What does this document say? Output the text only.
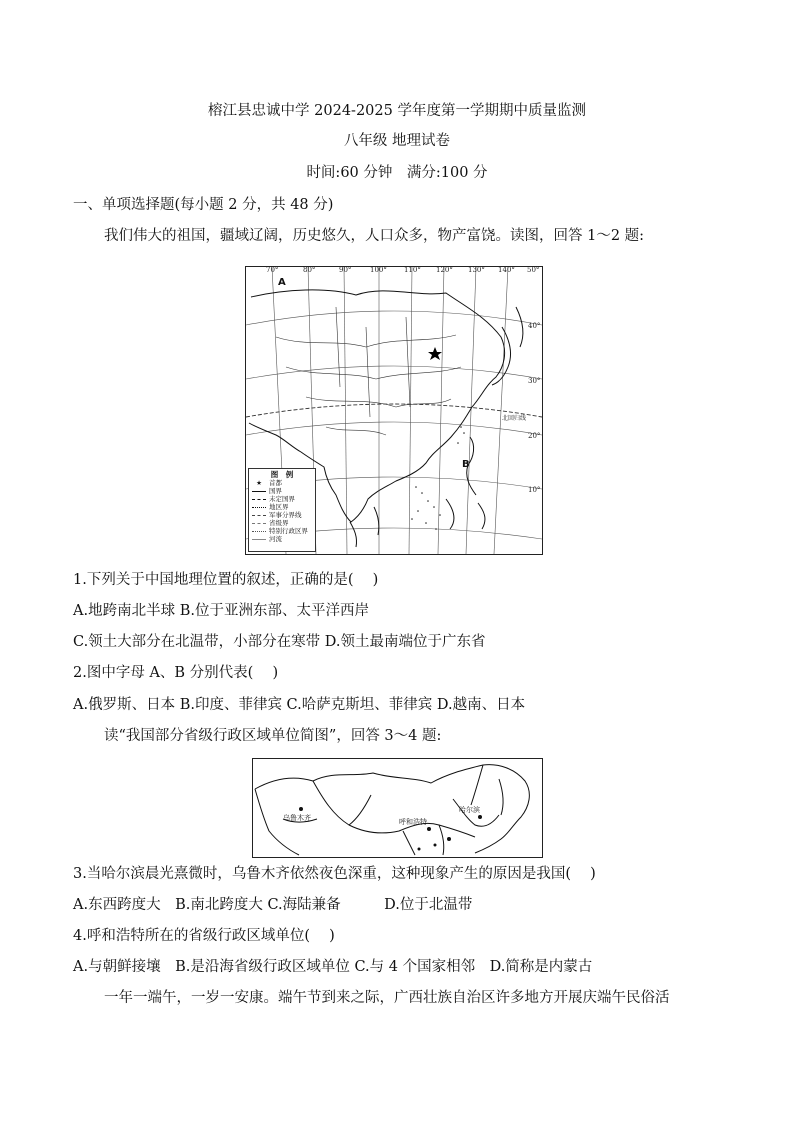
榕江县忠诚中学 2024-2025 学年度第一学期期中质量监测
八年级 地理试卷
时间:60 分钟　满分:100 分
一、单项选择题(每小题 2 分，共 48 分)
我们伟大的祖国，疆域辽阔，历史悠久，人口众多，物产富饶。读图，回答 1～2 题:
70°	80°	90°	100° 110° 120° 130° 140° 50°
40°
30°
20°
10°
北回归线
A
B
图　例
★	首都
国界
未定国界
地区界
军事分界线
省级界
特别行政区界
河流
1.下列关于中国地理位置的叙述，正确的是(　 )
A.地跨南北半球 B.位于亚洲东部、太平洋西岸
C.领土大部分在北温带，小部分在寒带 D.领土最南端位于广东省
2.图中字母 A、B 分别代表(　 )
A.俄罗斯、日本 B.印度、菲律宾 C.哈萨克斯坦、菲律宾 D.越南、日本
读“我国部分省级行政区域单位简图”，回答 3～4 题:
哈尔滨
乌鲁木齐	呼和浩特
3.当哈尔滨晨光熹微时，乌鲁木齐依然夜色深重，这种现象产生的原因是我国(　 )
A.东西跨度大　B.南北跨度大 C.海陆兼备　　　D.位于北温带
4.呼和浩特所在的省级行政区域单位(　 )
A.与朝鲜接壤　B.是沿海省级行政区域单位 C.与 4 个国家相邻　D.简称是内蒙古
一年一端午，一岁一安康。端午节到来之际，广西壮族自治区许多地方开展庆端午民俗活
